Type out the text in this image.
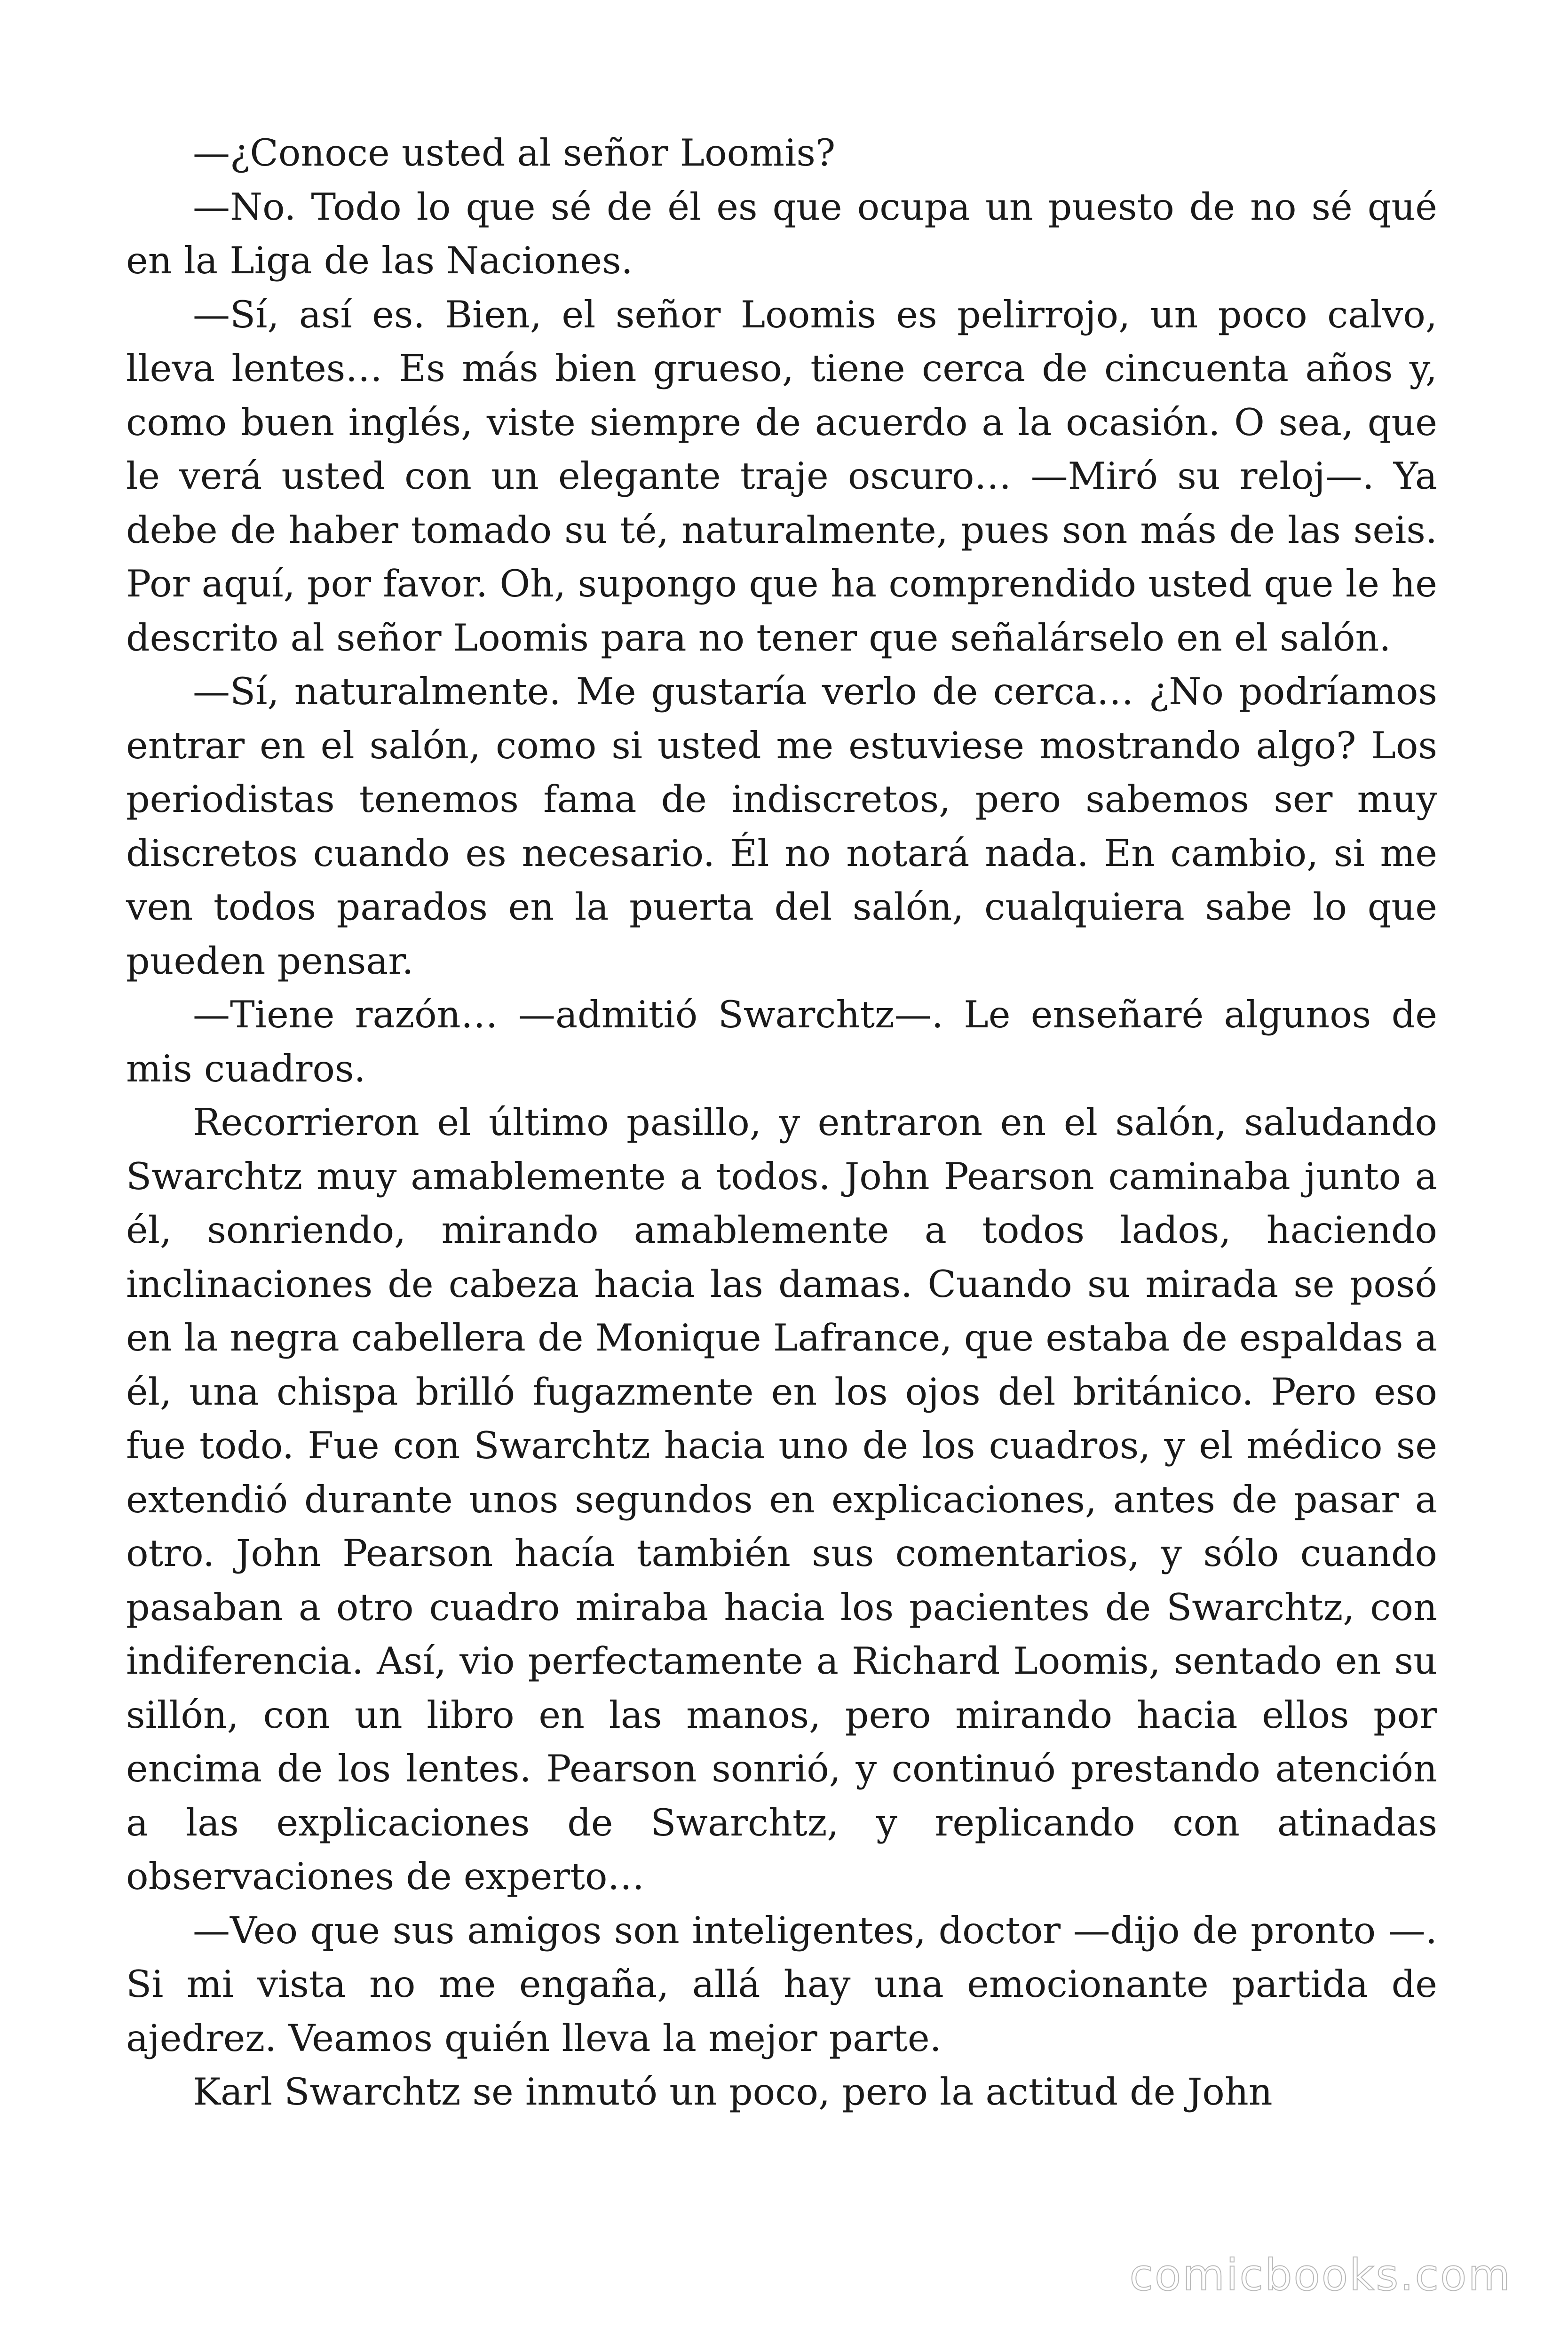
—¿Conoce usted al señor Loomis?

—No. Todo lo que sé de él es que ocupa un puesto de no sé qué en la Liga de las Naciones.

—Sí, así es. Bien, el señor Loomis es pelirrojo, un poco calvo, lleva lentes… Es más bien grueso, tiene cerca de cincuenta años y, como buen inglés, viste siempre de acuerdo a la ocasión. O sea, que le verá usted con un elegante traje oscuro… —Miró su reloj—. Ya debe de haber tomado su té, naturalmente, pues son más de las seis. Por aquí, por favor. Oh, supongo que ha comprendido usted que le he descrito al señor Loomis para no tener que señalárselo en el salón.

—Sí, naturalmente. Me gustaría verlo de cerca… ¿No podríamos entrar en el salón, como si usted me estuviese mostrando algo? Los periodistas tenemos fama de indiscretos, pero sabemos ser muy discretos cuando es necesario. Él no notará nada. En cambio, si me ven todos parados en la puerta del salón, cualquiera sabe lo que pueden pensar.

—Tiene razón… —admitió Swarchtz—. Le enseñaré algunos de mis cuadros.

Recorrieron el último pasillo, y entraron en el salón, saludando Swarchtz muy amablemente a todos. John Pearson caminaba junto a él, sonriendo, mirando amablemente a todos lados, haciendo inclinaciones de cabeza hacia las damas. Cuando su mirada se posó en la negra cabellera de Monique Lafrance, que estaba de espaldas a él, una chispa brilló fugazmente en los ojos del británico. Pero eso fue todo. Fue con Swarchtz hacia uno de los cuadros, y el médico se extendió durante unos segundos en explicaciones, antes de pasar a otro. John Pearson hacía también sus comentarios, y sólo cuando pasaban a otro cuadro miraba hacia los pacientes de Swarchtz, con indiferencia. Así, vio perfectamente a Richard Loomis, sentado en su sillón, con un libro en las manos, pero mirando hacia ellos por encima de los lentes. Pearson sonrió, y continuó prestando atención a las explicaciones de Swarchtz, y replicando con atinadas observaciones de experto…

—Veo que sus amigos son inteligentes, doctor —dijo de pronto —. Si mi vista no me engaña, allá hay una emocionante partida de ajedrez. Veamos quién lleva la mejor parte.

Karl Swarchtz se inmutó un poco, pero la actitud de John

comicbooks.com
